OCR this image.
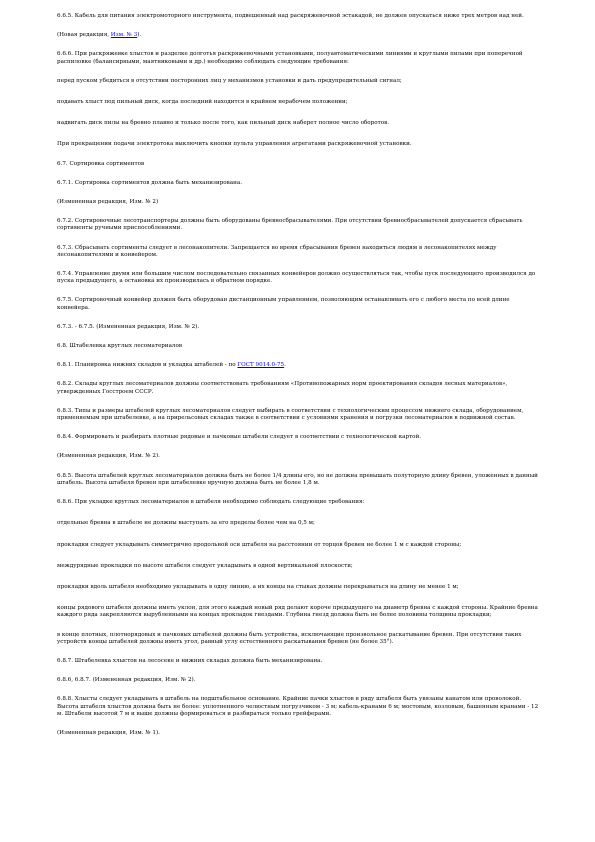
6.6.5. Кабель для питания электромоторного инструмента, подвешенный над раскряжевочной эстакадой, не должен опускаться ниже трех метров над ней.

(Новая редакция, Изм. № 3).

6.6.6. При раскряжевке хлыстов и разделке долготья раскряжевочными установками, полуавтоматическими линиями и круглыми пилами при поперечной распиловке (балансирными, маятниковыми и др.) необходимо соблюдать следующие требования:

перед пуском убедиться в отсутствии посторонних лиц у механизмов установки и дать предупредительный сигнал;

подавать хлыст под пильный диск, когда последний находится в крайнем нерабочем положении;

надвигать диск пилы на бревно плавно и только после того, как пильный диск наберет полное число оборотов.

При прекращении подачи электротока выключить кнопки пульта управления агрегатами раскряжевочной установки.

6.7. Сортировка сортиментов

6.7.1. Сортировка сортиментов должна быть механизирована.

(Измененная редакция, Изм. № 2)

6.7.2. Сортировочные лесотранспортеры должны быть оборудованы бревносбрасывателями. При отсутствии бревносбрасывателей допускается сбрасывать сортименты ручными приспособлениями.

6.7.3. Сбрасывать сортименты следует в лесонакопители. Запрещается во время сбрасывания бревен находиться людям в лесонакопителях между лесонакопителями и конвейером.

6.7.4. Управление двумя или большим числом последовательно связанных конвейеров должно осуществляться так, чтобы пуск последующего производился до пуска предыдущего, а остановка их производилась в обратном порядке.

6.7.5. Сортировочный конвейер должен быть оборудован дистанционным управлением, позволяющим останавливать его с любого места по всей длине конвейера.

6.7.3. - 6.7.5. (Измененная редакция, Изм. № 2).

6.8. Штабелевка круглых лесоматериалов

6.8.1. Планировка нижних складов и укладка штабелей - по ГОСТ 9014.0-75.

6.8.2. Склады круглых лесоматериалов должны соответствовать требованиям «Противопожарных норм проектирования складов лесных материалов», утвержденных Госстроем СССР.

6.8.3. Типы и размеры штабелей круглых лесоматериалов следует выбирать в соответствии с технологическим процессом нижнего склада, оборудованием, применяемым при штабелевке, а на прирельсовых складах также в соответствии с условиями хранения и погрузки лесоматериалов в подвижной состав.

6.8.4. Формировать и разбирать плотные рядовые и пачковые штабели следует в соответствии с технологической картой.

(Измененная редакция, Изм. № 2).

6.8.5. Высота штабелей круглых лесоматериалов должна быть не более 1/4 длины его, но не должна превышать полуторную длину бревен, уложенных в данный штабель. Высота штабеля бревен при штабелевке вручную должна быть не более 1,8 м.

6.8.6. При укладке круглых лесоматериалов в штабеля необходимо соблюдать следующие требования:

отдельные бревна в штабеле не должны выступать за его пределы более чем на 0,5 м;

прокладки следует укладывать симметрично продольной оси штабеля на расстоянии от торцов бревен не более 1 м с каждой стороны;

междурядные прокладки по высоте штабеля следует укладывать в одной вертикальной плоскости;

прокладки вдоль штабеля необходимо укладывать в одну линию, а их концы на стыках должны перекрываться на длину не менее 1 м;

концы рядового штабеля должны иметь уклон, для этого каждый новый ряд делают короче предыдущего на диаметр бревна с каждой стороны. Крайние бревна каждого ряда закрепляются вырубленными на концах прокладок гнездами. Глубина гнезд должна быть не более половины толщины прокладки;

в конце плотных, плотнорядовых и пачковых штабелей должны быть устройства, исключающие произвольное раскатывание бревен. При отсутствии таких устройств концы штабелей должны иметь угол, равный углу естественного раскатывания бревен (не более 35°).

6.8.7. Штабелевка хлыстов на лесосеке и нижних складах должна быть механизирована.

6.8.6, 6.8.7. (Измененная редакция, Изм. № 2).

6.8.8. Хлысты следует укладывать в штабель на подштабельное основание. Крайние пачки хлыстов в ряду штабеля быть увязаны канатом или проволокой. Высота штабеля хлыстов должна быть не более: уплотненного челюстным погрузчиком - 3 м; кабель-кранами 6 м; мостовым, козловым, башенным кранами - 12 м. Штабели высотой 7 м и выше должны формироваться и разбираться только грейферами.

(Измененная редакция, Изм. № 1).
